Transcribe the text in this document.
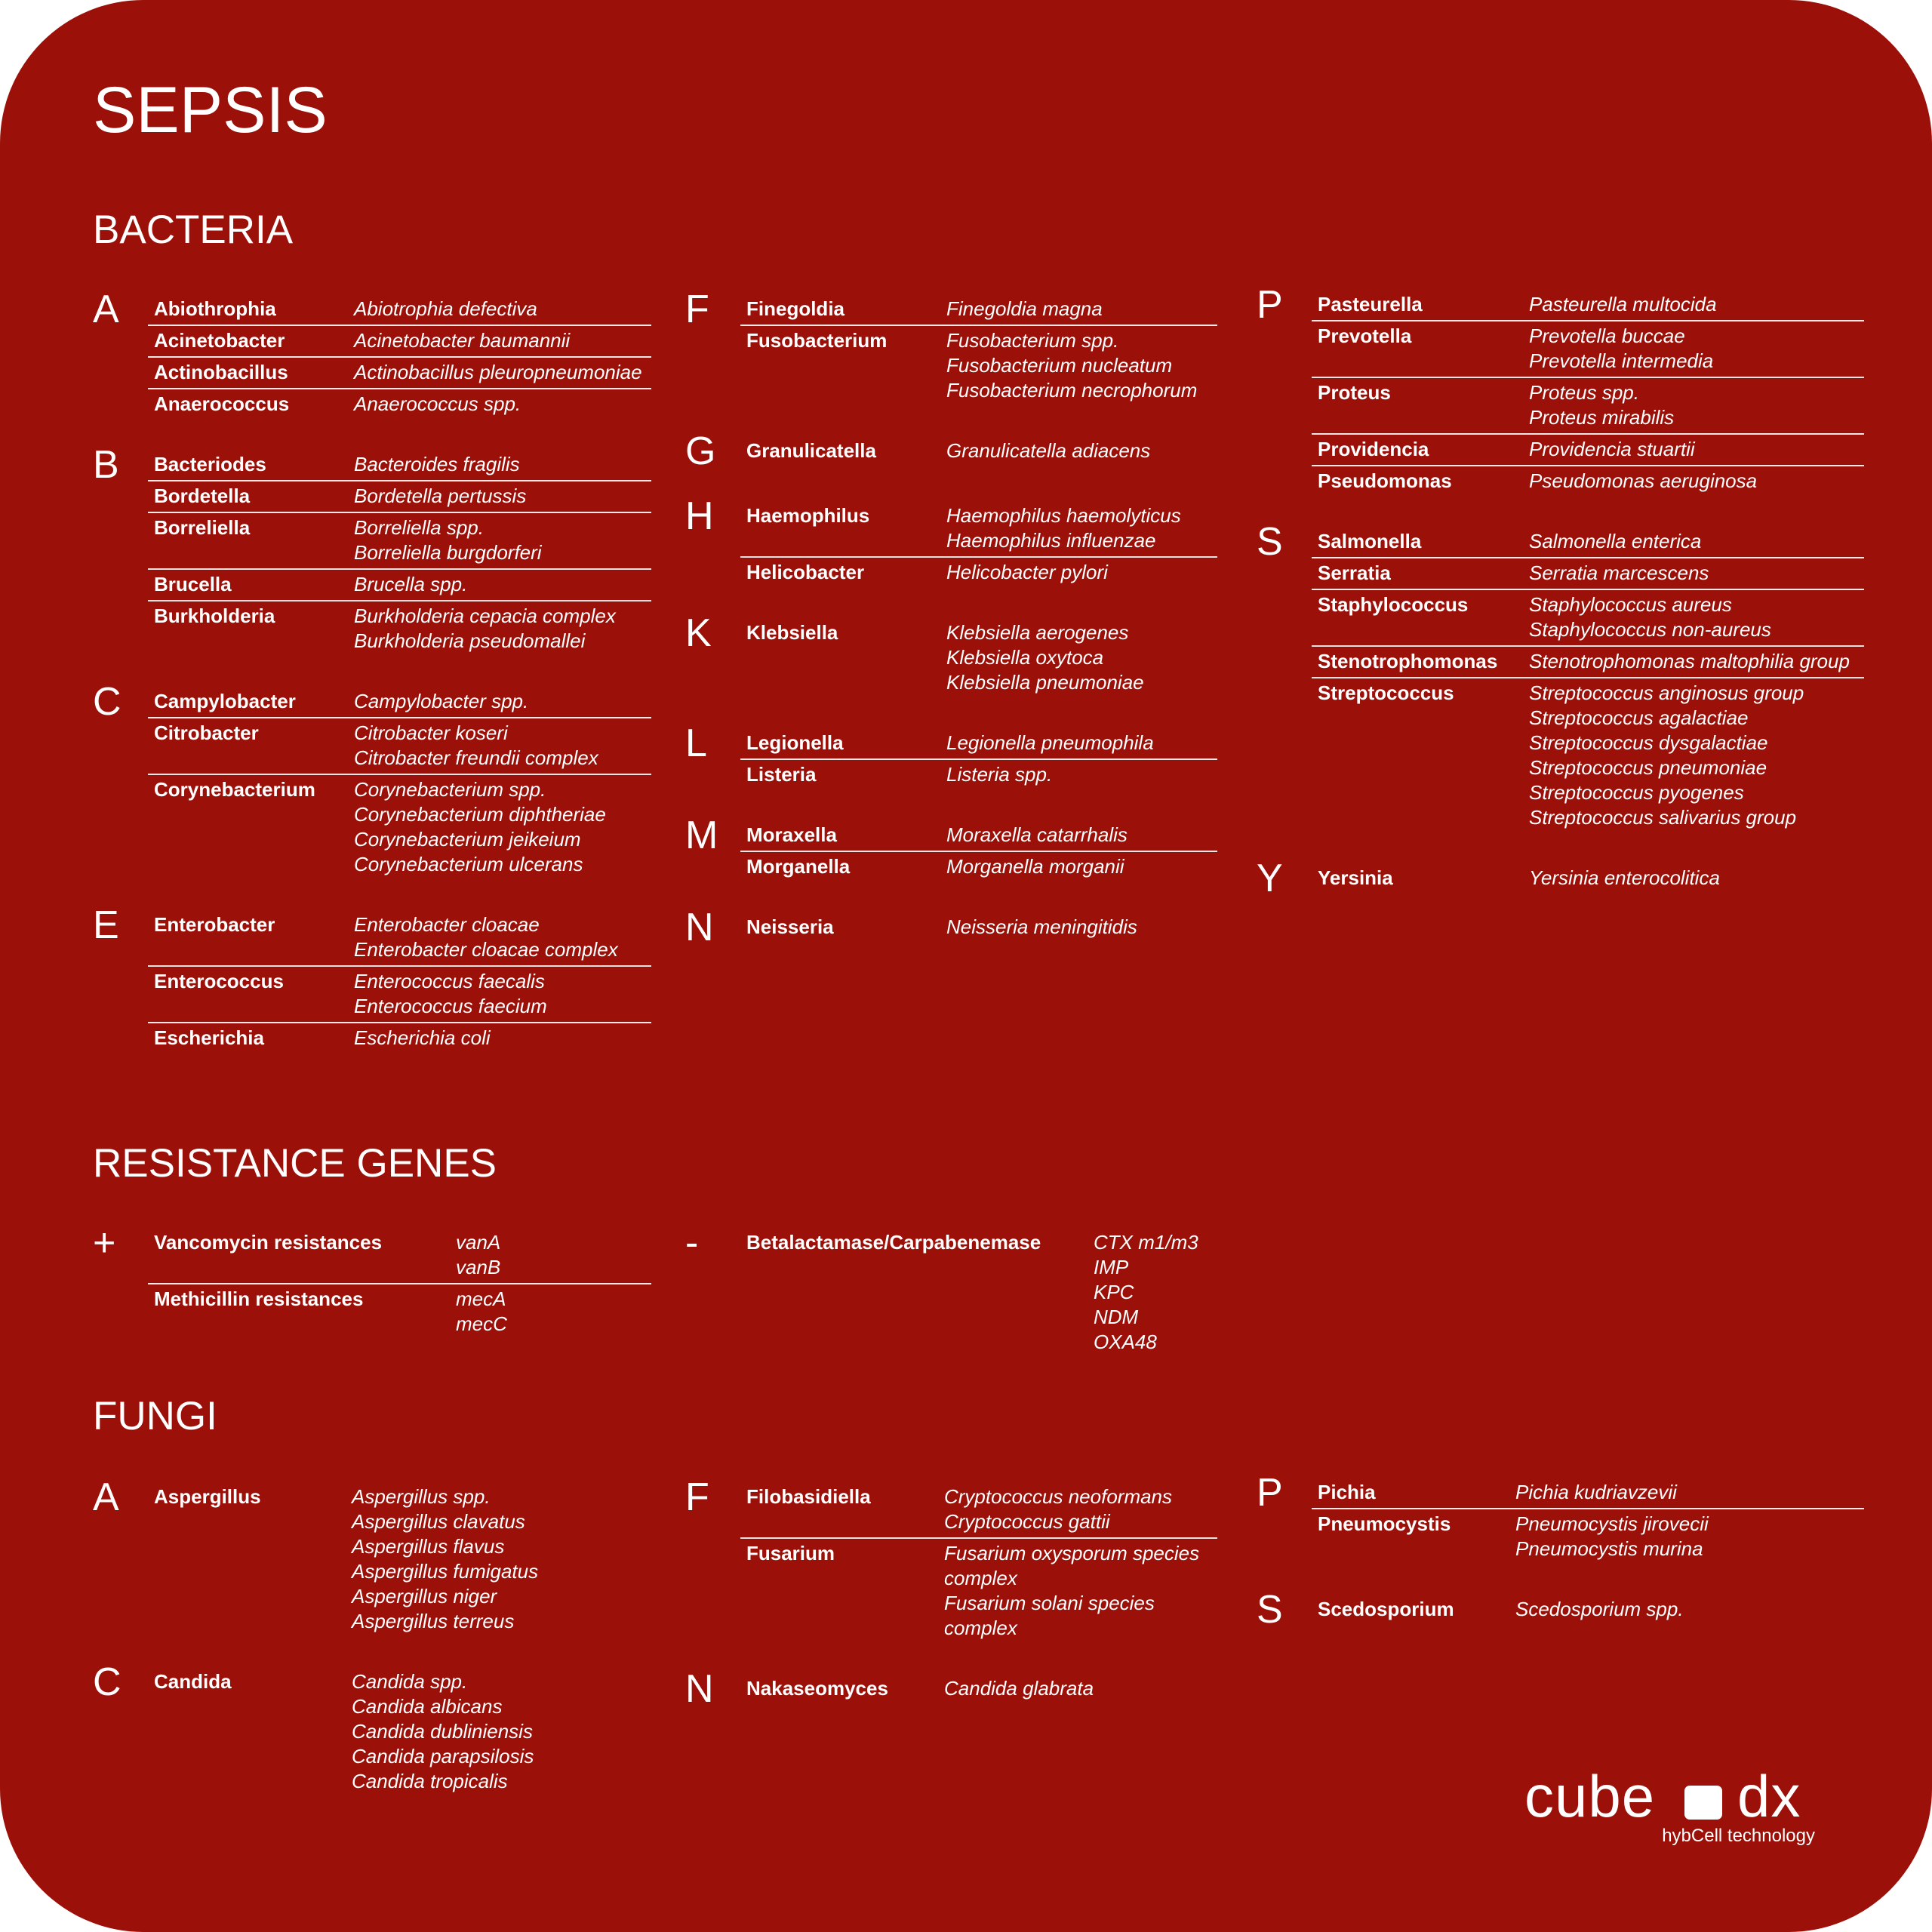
SEPSIS
BACTERIA
A	Abiothrophia	Abiotrophia defectiva
Acinetobacter	Acinetobacter baumannii
Actinobacillus	Actinobacillus pleuropneumoniae
Anaerococcus	Anaerococcus spp.
B	Bacteriodes	Bacteroides fragilis
Bordetella	Bordetella pertussis
Borreliella	Borreliella spp.
Borreliella burgdorferi
Brucella	Brucella spp.
Burkholderia	Burkholderia cepacia complex
Burkholderia pseudomallei
C	Campylobacter	Campylobacter spp.
Citrobacter	Citrobacter koseri
Citrobacter freundii complex
Corynebacterium	Corynebacterium spp.
Corynebacterium diphtheriae
Corynebacterium jeikeium
Corynebacterium ulcerans
E	Enterobacter	Enterobacter cloacae
Enterobacter cloacae complex
Enterococcus	Enterococcus faecalis
Enterococcus faecium
Escherichia	Escherichia coli
F	Finegoldia	Finegoldia magna
Fusobacterium	Fusobacterium spp.
Fusobacterium nucleatum
Fusobacterium necrophorum
G	Granulicatella	Granulicatella adiacens
H	Haemophilus	Haemophilus haemolyticus
Haemophilus influenzae
Helicobacter	Helicobacter pylori
K	Klebsiella	Klebsiella aerogenes
Klebsiella oxytoca
Klebsiella pneumoniae
L	Legionella	Legionella pneumophila
Listeria	Listeria spp.
M	Moraxella	Moraxella catarrhalis
Morganella	Morganella morganii
N	Neisseria	Neisseria meningitidis
P	Pasteurella	Pasteurella multocida
Prevotella	Prevotella buccae
Prevotella intermedia
Proteus	Proteus spp.
Proteus mirabilis
Providencia	Providencia stuartii
Pseudomonas	Pseudomonas aeruginosa
S	Salmonella	Salmonella enterica
Serratia	Serratia marcescens
Staphylococcus	Staphylococcus aureus
Staphylococcus non-aureus
Stenotrophomonas	Stenotrophomonas maltophilia group
Streptococcus	Streptococcus anginosus group
Streptococcus agalactiae
Streptococcus dysgalactiae
Streptococcus pneumoniae
Streptococcus pyogenes
Streptococcus salivarius group
Y	Yersinia	Yersinia enterocolitica
RESISTANCE GENES
+	Vancomycin resistances	vanA
vanB
Methicillin resistances	mecA
mecC
-	Betalactamase/Carpabenemase	CTX m1/m3
IMP
KPC
NDM
OXA48
FUNGI
A	Aspergillus	Aspergillus spp.
Aspergillus clavatus
Aspergillus flavus
Aspergillus fumigatus
Aspergillus niger
Aspergillus terreus
C	Candida	Candida spp.
Candida albicans
Candida dubliniensis
Candida parapsilosis
Candida tropicalis
F	Filobasidiella	Cryptococcus neoformans
Cryptococcus gattii
Fusarium	Fusarium oxysporum species
complex
Fusarium solani species
complex
N	Nakaseomyces	Candida glabrata
P	Pichia	Pichia kudriavzevii
Pneumocystis	Pneumocystis jirovecii
Pneumocystis murina
S	Scedosporium	Scedosporium spp.
cube dx
hybCell technology
